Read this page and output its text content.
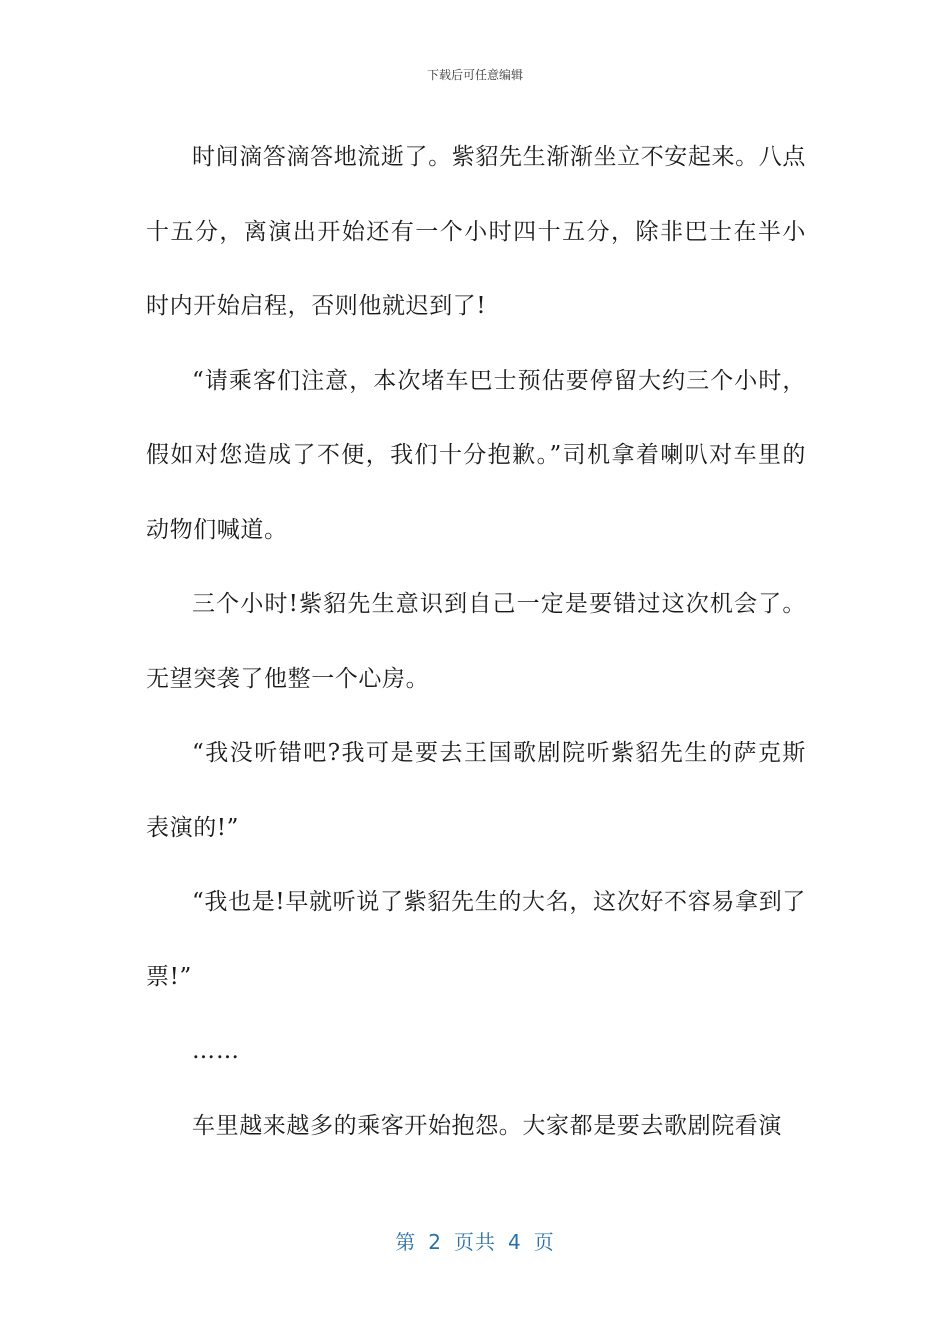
下载后可任意编辑

时间滴答滴答地流逝了。紫貂先生渐渐坐立不安起来。八点十五分，离演出开始还有一个小时四十五分，除非巴士在半小时内开始启程，否则他就迟到了!

“请乘客们注意，本次堵车巴士预估要停留大约三个小时，假如对您造成了不便，我们十分抱歉。”司机拿着喇叭对车里的动物们喊道。

三个小时!紫貂先生意识到自己一定是要错过这次机会了。无望突袭了他整一个心房。

“我没听错吧?我可是要去王国歌剧院听紫貂先生的萨克斯表演的!”

“我也是!早就听说了紫貂先生的大名，这次好不容易拿到了票!”

……

车里越来越多的乘客开始抱怨。大家都是要去歌剧院看演

第 2 页共 4 页
